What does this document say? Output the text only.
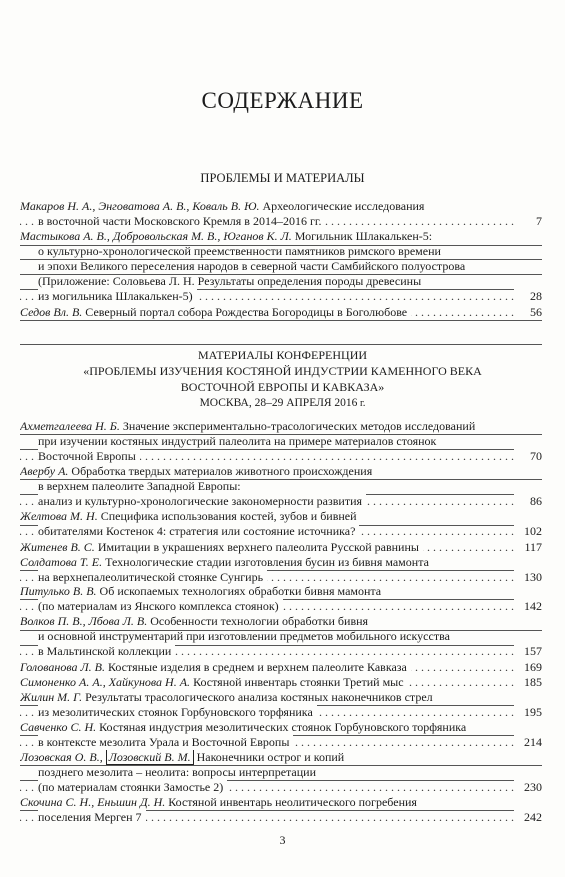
СОДЕРЖАНИЕ
ПРОБЛЕМЫ И МАТЕРИАЛЫ
МАТЕРИАЛЫ КОНФЕРЕНЦИИ
«ПРОБЛЕМЫ ИЗУЧЕНИЯ КОСТЯНОЙ ИНДУСТРИИ КАМЕННОГО ВЕКА
ВОСТОЧНОЙ ЕВРОПЫ И КАВКАЗА»
МОСКВА, 28–29 АПРЕЛЯ 2016 г.
Макаров Н. А., Энговатова А. В., Коваль В. Ю. Археологические исследования
. . .
в восточной части Московского Кремля в 2014–2016 гг.	7
Мастыкова А. В., Добровольская М. В., Юганов К. Л. Могильник Шлакалькен-5:
о культурно-хронологической преемственности памятников римского времени
и эпохи Великого переселения народов в северной части Самбийского полуострова
(Приложение: Соловьева Л. Н. Результаты определения породы древесины
. . .
из могильника Шлакалькен-5)	28
. . .
Седов Вл. В. Северный портал собора Рождества Богородицы в Боголюбове	56
Ахметгалеева Н. Б. Значение экспериментально-трасологических методов исследований
при изучении костяных индустрий палеолита на примере материалов стоянок
. . .
Восточной Европы	70
Авербу А. Обработка твердых материалов животного происхождения
в верхнем палеолите Западной Европы:
. . .
анализ и культурно-хронологические закономерности развития	86
Желтова М. Н. Специфика использования костей, зубов и бивней
. . .
обитателями Костенок 4: стратегия или состояние источника?	102
. . .
Житенев В. С. Имитации в украшениях верхнего палеолита Русской равнины	117
Солдатова Т. Е. Технологические стадии изготовления бусин из бивня мамонта
. . .
на верхнепалеолитической стоянке Сунгирь	130
Питулько В. В. Об ископаемых технологиях обработки бивня мамонта
. . .
(по материалам из Янского комплекса стоянок)	142
Волков П. В., Лбова Л. В. Особенности технологии обработки бивня
и основной инструментарий при изготовлении предметов мобильного искусства
. . .
в Мальтинской коллекции	157
. . .
Голованова Л. В. Костяные изделия в среднем и верхнем палеолите Кавказа	169
. . .
Симоненко А. А., Хайкунова Н. А. Костяной инвентарь стоянки Третий мыс	185
Жилин М. Г. Результаты трасологического анализа костяных наконечников стрел
. . .
из мезолитических стоянок Горбуновского торфяника	195
Савченко С. Н. Костяная индустрия мезолитических стоянок Горбуновского торфяника
. . .
в контексте мезолита Урала и Восточной Европы	214
Лозовская О. В., Лозовский В. М. Наконечники острог и копий
позднего мезолита – неолита: вопросы интерпретации
. . .
(по материалам стоянки Замостье 2)	230
Скочина С. Н., Еньшин Д. Н. Костяной инвентарь неолитического погребения
. . .
поселения Мерген 7	242
3
